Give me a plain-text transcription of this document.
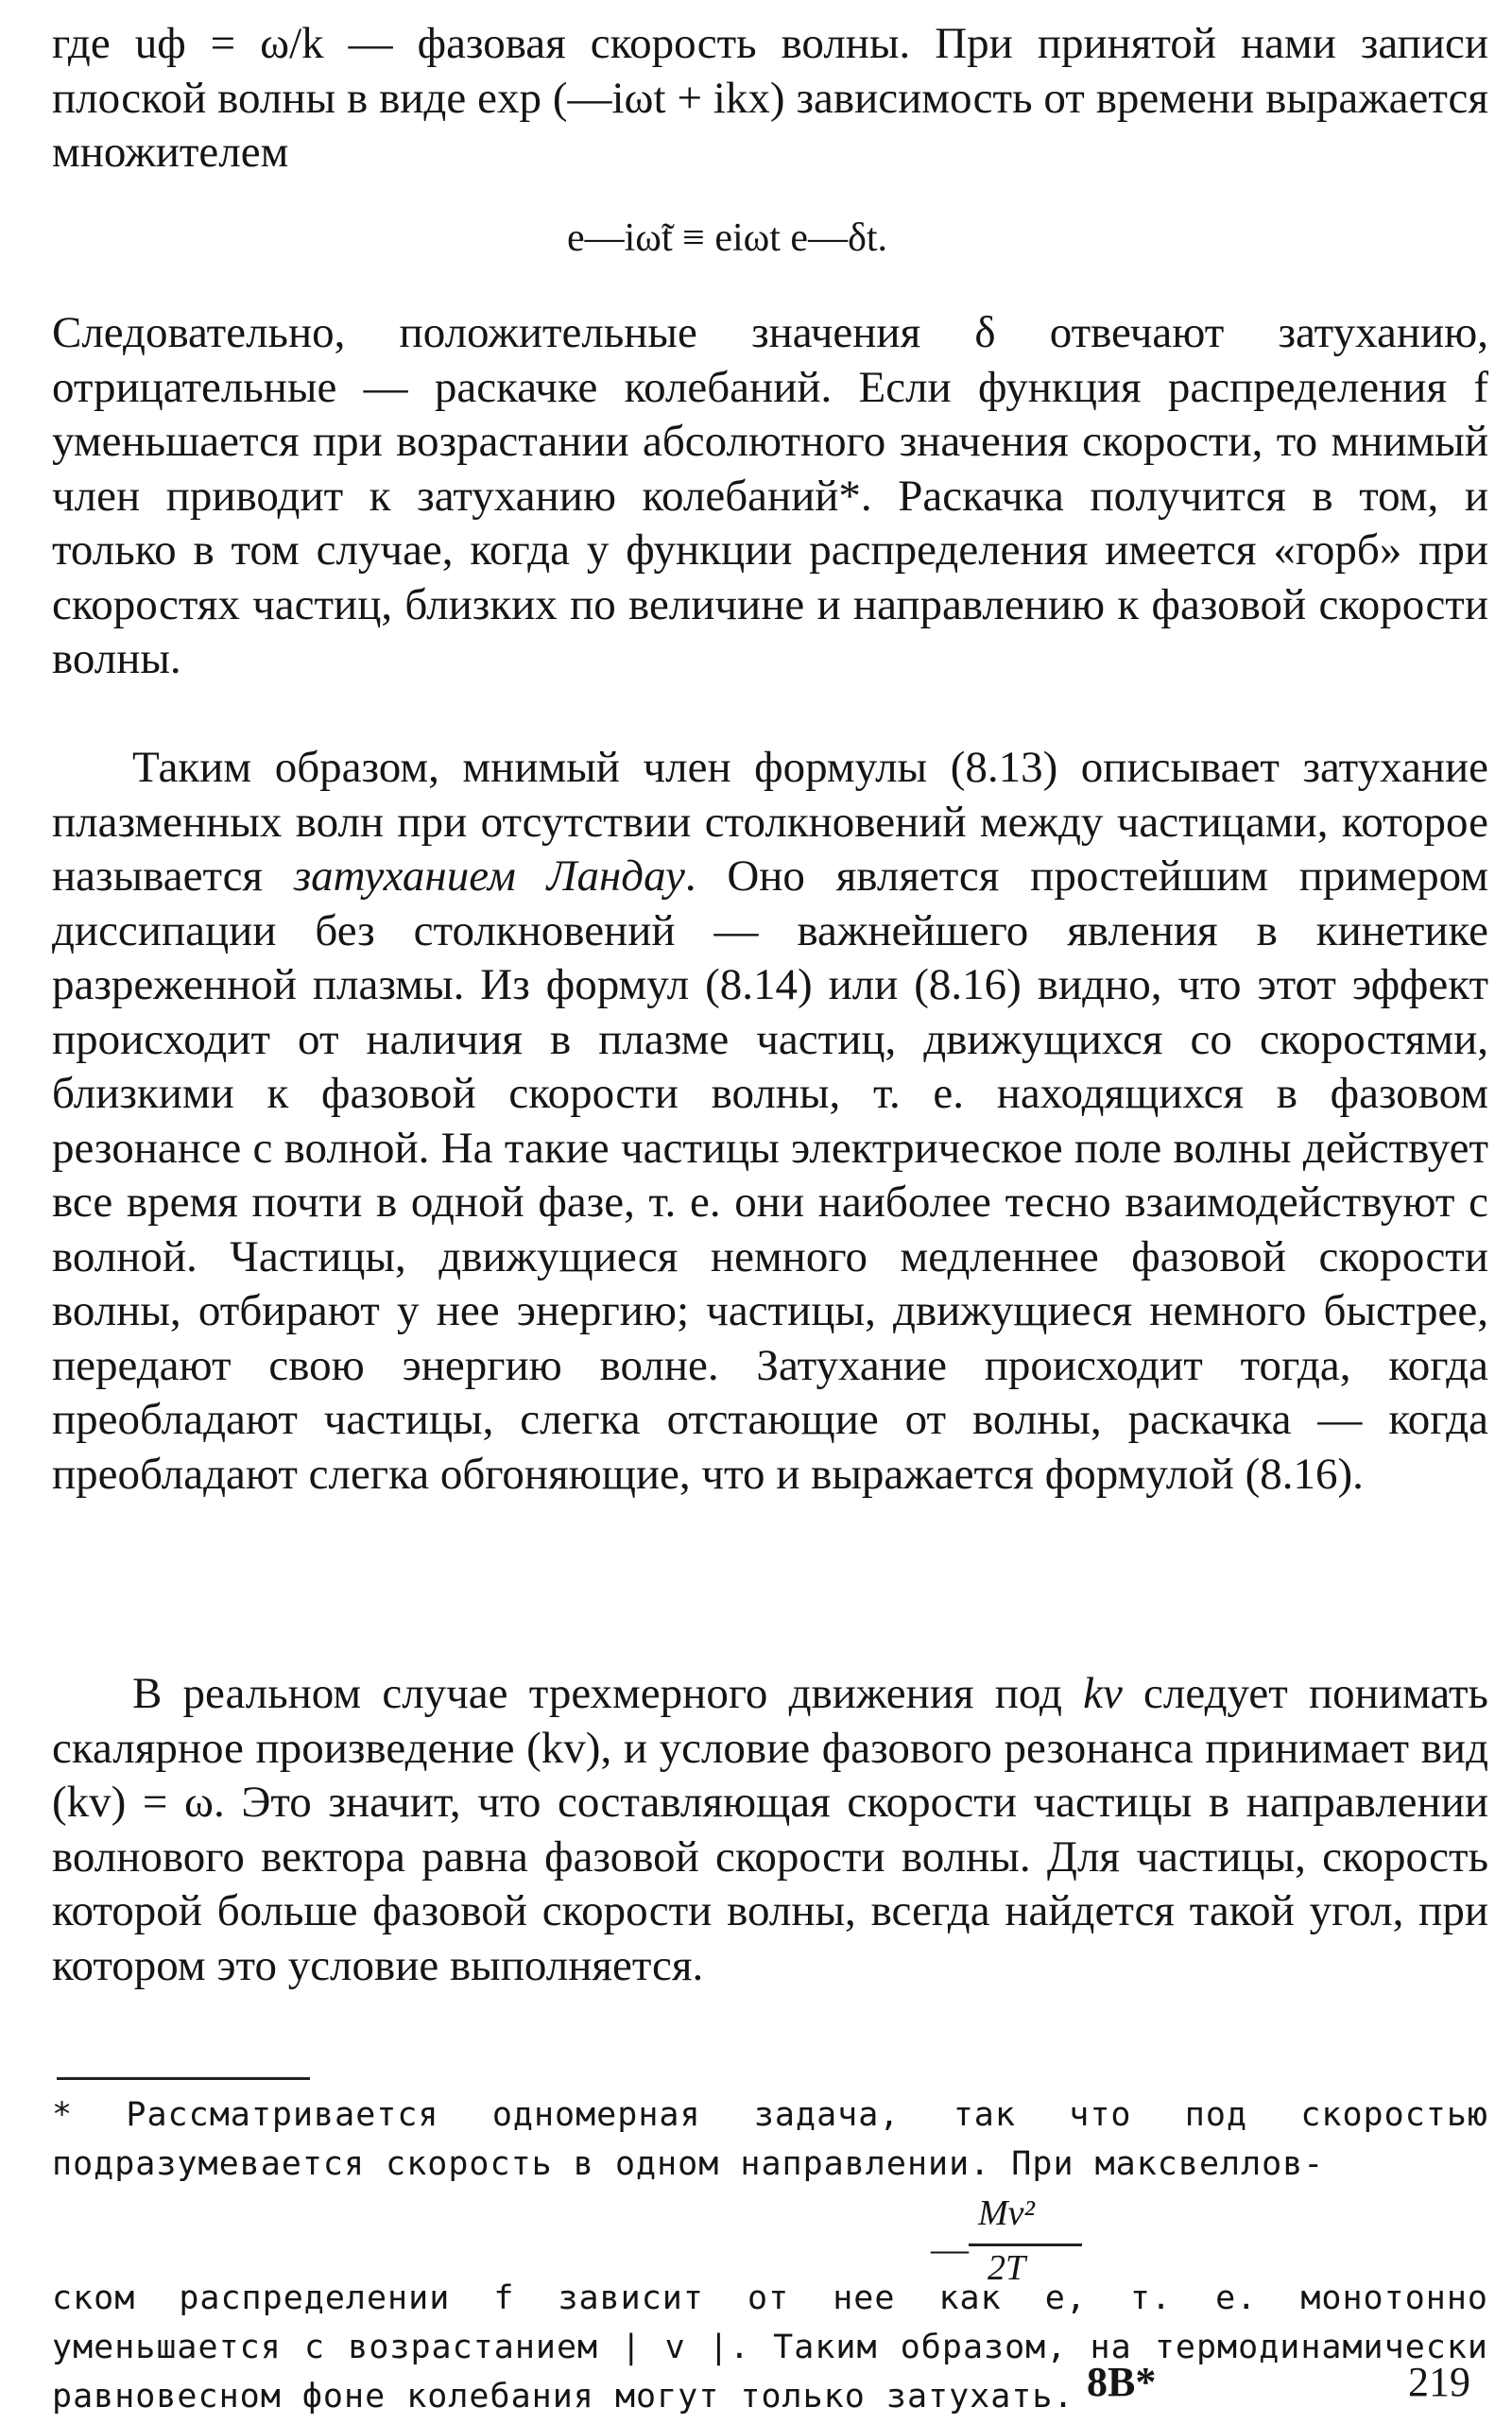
где uф = ω/k — фазовая скорость волны. При принятой нами записи плоской волны в виде exp (—iωt + ikx) зависимость от времени выражается множителем

e—iω̃t ≡ eiωt e—δt.

Следовательно, положительные значения δ отвечают затуханию, отрицательные — раскачке колебаний. Если функция распределения f уменьшается при возрастании абсолютного значения скорости, то мнимый член приводит к затуханию колебаний*. Раскачка получится в том, и только в том случае, когда у функции распределения имеется «горб» при скоростях частиц, близких по величине и направлению к фазовой скорости волны.

Таким образом, мнимый член формулы (8.13) описывает затухание плазменных волн при отсутствии столкновений между частицами, которое называется затуханием Ландау. Оно является простейшим примером диссипации без столкновений — важнейшего явления в кинетике разреженной плазмы. Из формул (8.14) или (8.16) видно, что этот эффект происходит от наличия в плазме частиц, движущихся со скоростями, близкими к фазовой скорости волны, т. е. находящихся в фазовом резонансе с волной. На такие частицы электрическое поле волны действует все время почти в одной фазе, т. е. они наиболее тесно взаимодействуют с волной. Частицы, движущиеся немного медленнее фазовой скорости волны, отбирают у нее энергию; частицы, движущиеся немного быстрее, передают свою энергию волне. Затухание происходит тогда, когда преобладают частицы, слегка отстающие от волны, раскачка — когда преобладают слегка обгоняющие, что и выражается формулой (8.16).

В реальном случае трехмерного движения под kv следует понимать скалярное произведение (kv), и условие фазового резонанса принимает вид (kv) = ω. Это значит, что составляющая скорости частицы в направлении волнового вектора равна фазовой скорости волны. Для частицы, скорость которой больше фазовой скорости волны, всегда найдется такой угол, при котором это условие выполняется.

* Рассматривается одномерная задача, так что под скоростью подразумевается скорость в одном направлении. При максвеллов-

—
Mv²
2T

ском распределении f зависит от нее как e, т. е. монотонно уменьшается с возрастанием | v |. Таким образом, на термодинамически равновесном фоне колебания могут только затухать. 8В*	219
